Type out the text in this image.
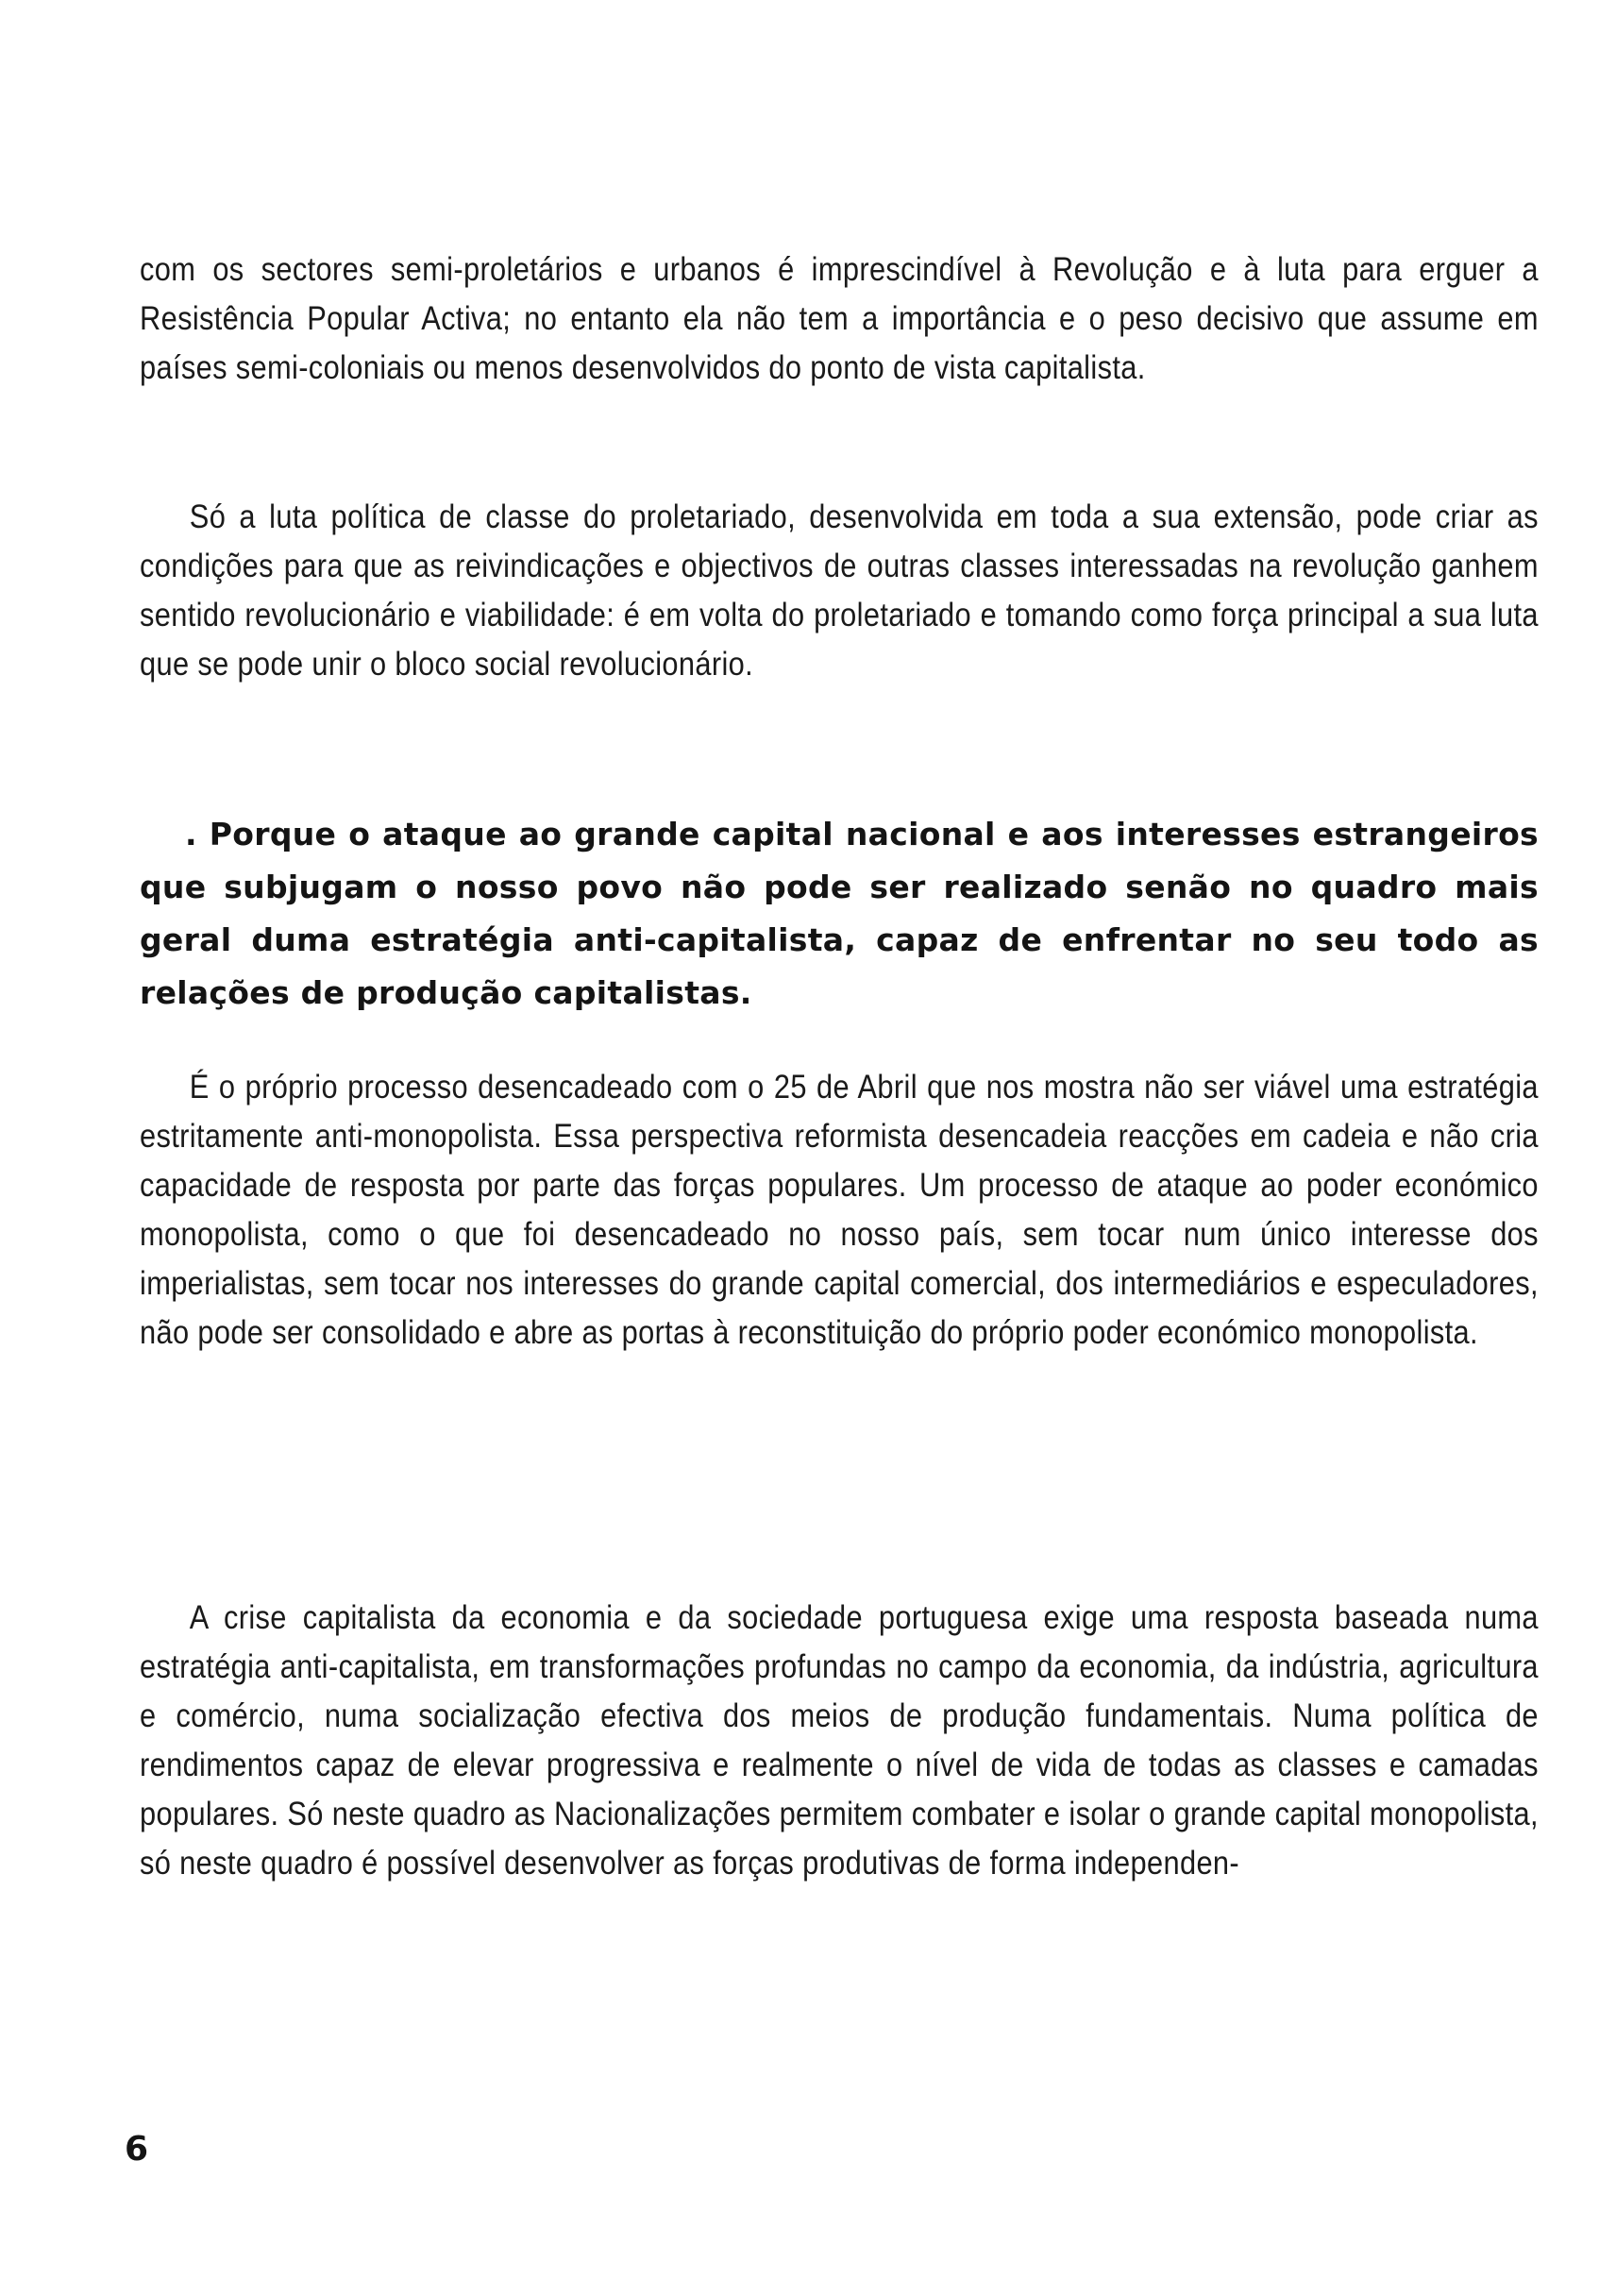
com os sectores semi-proletários e urbanos é imprescindível à Revolução e à luta para erguer a Resistência Popular Activa; no entanto ela não tem a importância e o peso decisivo que assume em países semi-coloniais ou menos desenvolvidos do ponto de vista capitalista.

Só a luta política de classe do proletariado, desenvolvida em toda a sua extensão, pode criar as condições para que as reivindicações e objectivos de outras classes interessadas na revolução ganhem sentido revolucionário e viabilidade: é em volta do proletariado e tomando como força principal a sua luta que se pode unir o bloco social revolucionário.

. Porque o ataque ao grande capital nacional e aos interesses estrangeiros que subjugam o nosso povo não pode ser realizado senão no quadro mais geral duma estratégia anti-capitalista, capaz de enfrentar no seu todo as relações de produção capitalistas.

É o próprio processo desencadeado com o 25 de Abril que nos mostra não ser viável uma estratégia estritamente anti-monopolista. Essa perspectiva reformista desencadeia reacções em cadeia e não cria capacidade de resposta por parte das forças populares. Um processo de ataque ao poder económico monopolista, como o que foi desencadeado no nosso país, sem tocar num único interesse dos imperialistas, sem tocar nos interesses do grande capital comercial, dos intermediários e especuladores, não pode ser consolidado e abre as portas à reconstituição do próprio poder económico monopolista.

A crise capitalista da economia e da sociedade portuguesa exige uma resposta baseada numa estratégia anti-capitalista, em transformações profundas no campo da economia, da indústria, agricultura e comércio, numa socialização efectiva dos meios de produção fundamentais. Numa política de rendimentos capaz de elevar progressiva e realmente o nível de vida de todas as classes e camadas populares. Só neste quadro as Nacionalizações permitem combater e isolar o grande capital monopolista, só neste quadro é possível desenvolver as forças produtivas de forma independen-

6
